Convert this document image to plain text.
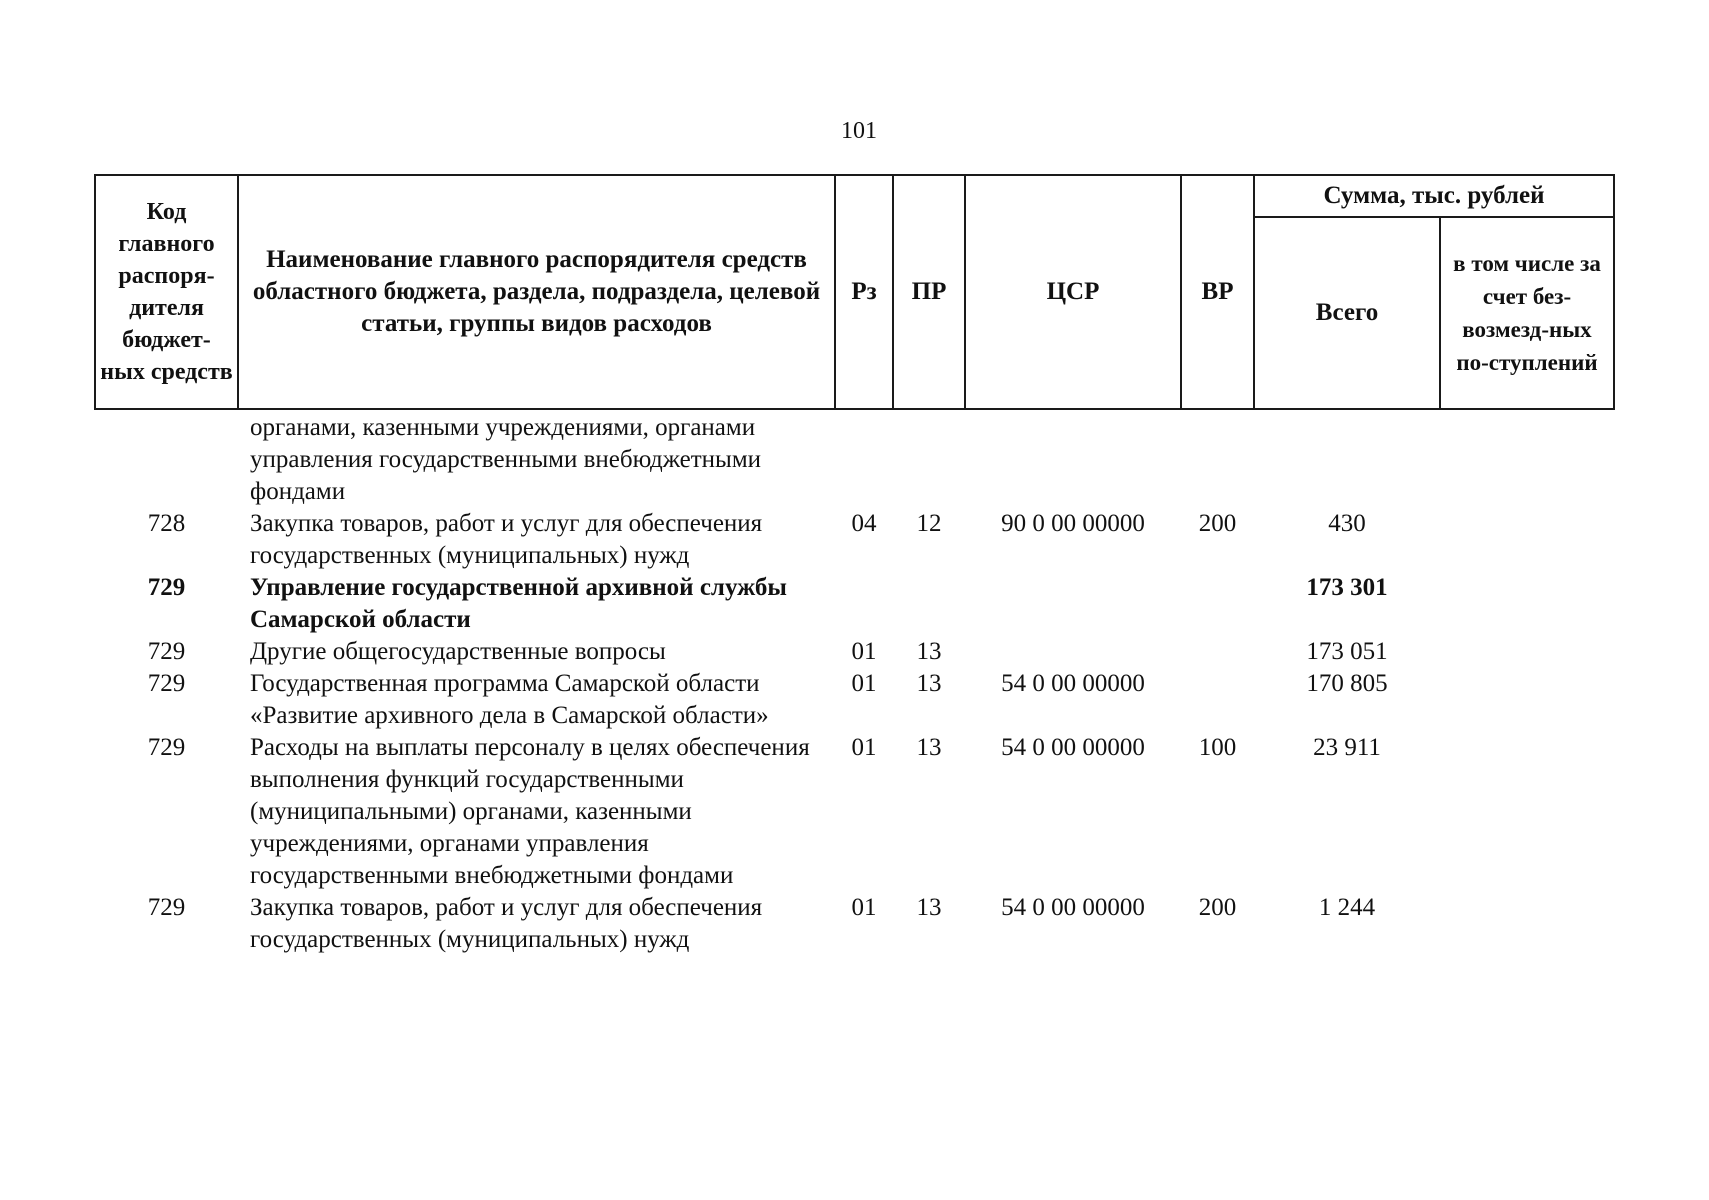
101
Код главного распоря-дителя бюджет-ных средств	Наименование главного распорядителя средств областного бюджета, раздела, подраздела, целевой статьи, группы видов расходов	Рз	ПР	ЦСР	ВР	Сумма, тыс. рублей	
						Всего	в том числе за счет без-возмезд-ных по-ступлений
	органами, казенными учреждениями, органами управления государственными внебюджетными фондами						
728	Закупка товаров, работ и услуг для обеспечения государственных (муниципальных) нужд	04	12	90 0 00 00000	200	430	
729	Управление государственной архивной службы Самарской области					173 301	
729	Другие общегосударственные вопросы	01	13			173 051	
729	Государственная программа Самарской области «Развитие архивного дела в Самарской области»	01	13	54 0 00 00000		170 805	
729	Расходы на выплаты персоналу в целях обеспечения выполнения функций государственными (муниципальными) органами, казенными учреждениями, органами управления государственными внебюджетными фондами	01	13	54 0 00 00000	100	23 911	
729	Закупка товаров, работ и услуг для обеспечения государственных (муниципальных) нужд	01	13	54 0 00 00000	200	1 244	
